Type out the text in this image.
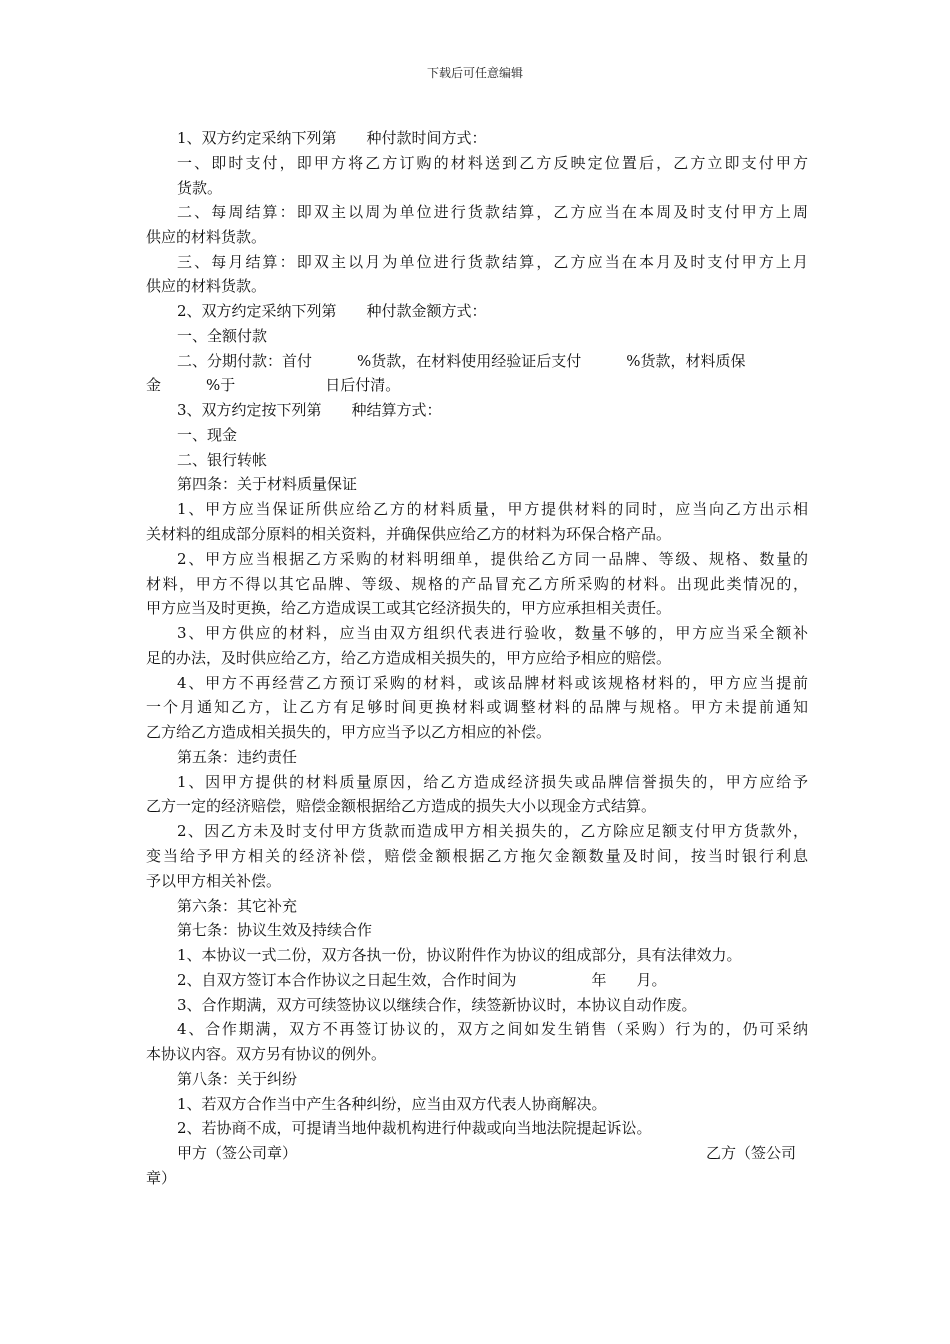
下载后可任意编辑
1、双方约定采纳下列第　　种付款时间方式：
一、即时支付，即甲方将乙方订购的材料送到乙方反映定位置后，乙方立即支付甲方
货款。
二、每周结算：即双主以周为单位进行货款结算，乙方应当在本周及时支付甲方上周
供应的材料货款。
三、每月结算：即双主以月为单位进行货款结算，乙方应当在本月及时支付甲方上月
供应的材料货款。
2、双方约定采纳下列第　　种付款金额方式：
一、全额付款
二、分期付款：首付　　　%货款，在材料使用经验证后支付　　　%货款，材料质保
金　　　%于　　　　　　日后付清。
3、双方约定按下列第　　种结算方式：
一、现金
二、银行转帐
第四条：关于材料质量保证
1、甲方应当保证所供应给乙方的材料质量，甲方提供材料的同时，应当向乙方出示相
关材料的组成部分原料的相关资料，并确保供应给乙方的材料为环保合格产品。
2、甲方应当根据乙方采购的材料明细单，提供给乙方同一品牌、等级、规格、数量的
材料，甲方不得以其它品牌、等级、规格的产品冒充乙方所采购的材料。出现此类情况的，
甲方应当及时更换，给乙方造成误工或其它经济损失的，甲方应承担相关责任。
3、甲方供应的材料，应当由双方组织代表进行验收，数量不够的，甲方应当采全额补
足的办法，及时供应给乙方，给乙方造成相关损失的，甲方应给予相应的赔偿。
4、甲方不再经营乙方预订采购的材料，或该品牌材料或该规格材料的，甲方应当提前
一个月通知乙方，让乙方有足够时间更换材料或调整材料的品牌与规格。甲方未提前通知
乙方给乙方造成相关损失的，甲方应当予以乙方相应的补偿。
第五条：违约责任
1、因甲方提供的材料质量原因，给乙方造成经济损失或品牌信誉损失的，甲方应给予
乙方一定的经济赔偿，赔偿金额根据给乙方造成的损失大小以现金方式结算。
2、因乙方未及时支付甲方货款而造成甲方相关损失的，乙方除应足额支付甲方货款外，
变当给予甲方相关的经济补偿，赔偿金额根据乙方拖欠金额数量及时间，按当时银行利息
予以甲方相关补偿。
第六条：其它补充
第七条：协议生效及持续合作
1、本协议一式二份，双方各执一份，协议附件作为协议的组成部分，具有法律效力。
2、自双方签订本合作协议之日起生效，合作时间为　　　　　年　　月。
3、合作期满，双方可续签协议以继续合作，续签新协议时，本协议自动作废。
4、合作期满，双方不再签订协议的，双方之间如发生销售（采购）行为的，仍可采纳
本协议内容。双方另有协议的例外。
第八条：关于纠纷
1、若双方合作当中产生各种纠纷，应当由双方代表人协商解决。
2、若协商不成，可提请当地仲裁机构进行仲裁或向当地法院提起诉讼。
甲方（签公司章）	乙方（签公司
章）
